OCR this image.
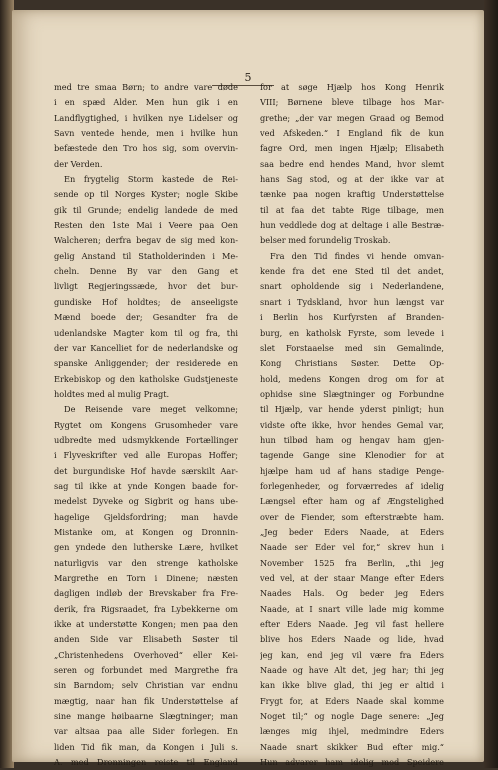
5
med tre smaa Børn; to andre vare døde
i en spæd Alder. Men hun gik i en
Landflygtighed, i hvilken nye Lidelser og
Savn ventede hende, men i hvilke hun
befæstede den Tro hos sig, som overvin-
der Verden.
En frygtelig Storm kastede de Rei-
sende op til Norges Kyster; nogle Skibe
gik til Grunde; endelig landede de med
Resten den 1ste Mai i Veere paa Oen
Walcheren; derfra begav de sig med kon-
gelig Anstand til Statholderinden i Me-
cheln. Denne By var den Gang et
livligt Regjeringssæde, hvor det bur-
gundiske Hof holdtes; de anseeligste
Mænd boede der; Gesandter fra de
udenlandske Magter kom til og fra, thi
der var Kancelliet for de nederlandske og
spanske Anliggender; der residerede en
Erkebiskop og den katholske Gudstjeneste
holdtes med al mulig Pragt.
De Reisende vare meget velkomne;
Rygtet om Kongens Grusomheder vare
udbredte med udsmykkende Fortællinger
i Flyveskrifter ved alle Europas Hoffer;
det burgundiske Hof havde særskilt Aar-
sag til ikke at ynde Kongen baade for-
medelst Dyveke og Sigbrit og hans ube-
hagelige Gjeldsfordring; man havde
Mistanke om, at Kongen og Dronnin-
gen yndede den lutherske Lære, hvilket
naturligvis var den strenge katholske
Margrethe en Torn i Dinene; næsten
dagligen indløb der Brevskaber fra Fre-
derik, fra Rigsraadet, fra Lybekkerne om
ikke at understøtte Kongen; men paa den
anden Side var Elisabeth Søster til
„Christenhedens Overhoved“ eller Kei-
seren og forbundet med Margrethe fra
sin Barndom; selv Christian var endnu
mægtig, naar han fik Understøttelse af
sine mange høibaarne Slægtninger; man
var altsaa paa alle Sider forlegen. En
liden Tid fik man, da Kongen i Juli s.
A. med Dronningen reiste til England
for at søge Hjælp hos Kong Henrik
VIII; Børnene bleve tilbage hos Mar-
grethe; „der var megen Graad og Bemod
ved Afskeden.“ I England fik de kun
fagre Ord, men ingen Hjælp; Elisabeth
saa bedre end hendes Mand, hvor slemt
hans Sag stod, og at der ikke var at
tænke paa nogen kraftig Understøttelse
til at faa det tabte Rige tilbage, men
hun veddlede dog at deltage i alle Bestræ-
belser med forundelig Troskab.
Fra den Tid findes vi hende omvan-
kende fra det ene Sted til det andet,
snart opholdende sig i Nederlandene,
snart i Tydskland, hvor hun længst var
i Berlin hos Kurfyrsten af Branden-
burg, en katholsk Fyrste, som levede i
slet Forstaaelse med sin Gemalinde,
Kong Christians Søster. Dette Op-
hold, medens Kongen drog om for at
ophidse sine Slægtninger og Forbundne
til Hjælp, var hende yderst pinligt; hun
vidste ofte ikke, hvor hendes Gemal var,
hun tilbød ham og hengav ham gjen-
tagende Gange sine Klenodier for at
hjælpe ham ud af hans stadige Penge-
forlegenheder, og forværredes af idelig
Længsel efter ham og af Ængstelighed
over de Fiender, som efterstræbte ham.
„Jeg beder Eders Naade, at Eders
Naade ser Eder vel for,“ skrev hun i
November 1525 fra Berlin, „thi jeg
ved vel, at der staar Mange efter Eders
Naades Hals. Og beder jeg Eders
Naade, at I snart ville lade mig komme
efter Eders Naade. Jeg vil fast hellere
blive hos Eders Naade og lide, hvad
jeg kan, end jeg vil være fra Eders
Naade og have Alt det, jeg har; thi jeg
kan ikke blive glad, thi jeg er altid i
Frygt for, at Eders Naade skal komme
Noget til;“ og nogle Dage senere: „Jeg
længes mig ihjel, medmindre Eders
Naade snart skikker Bud efter mig.“
Hun advarer ham idelig mod Speidere
